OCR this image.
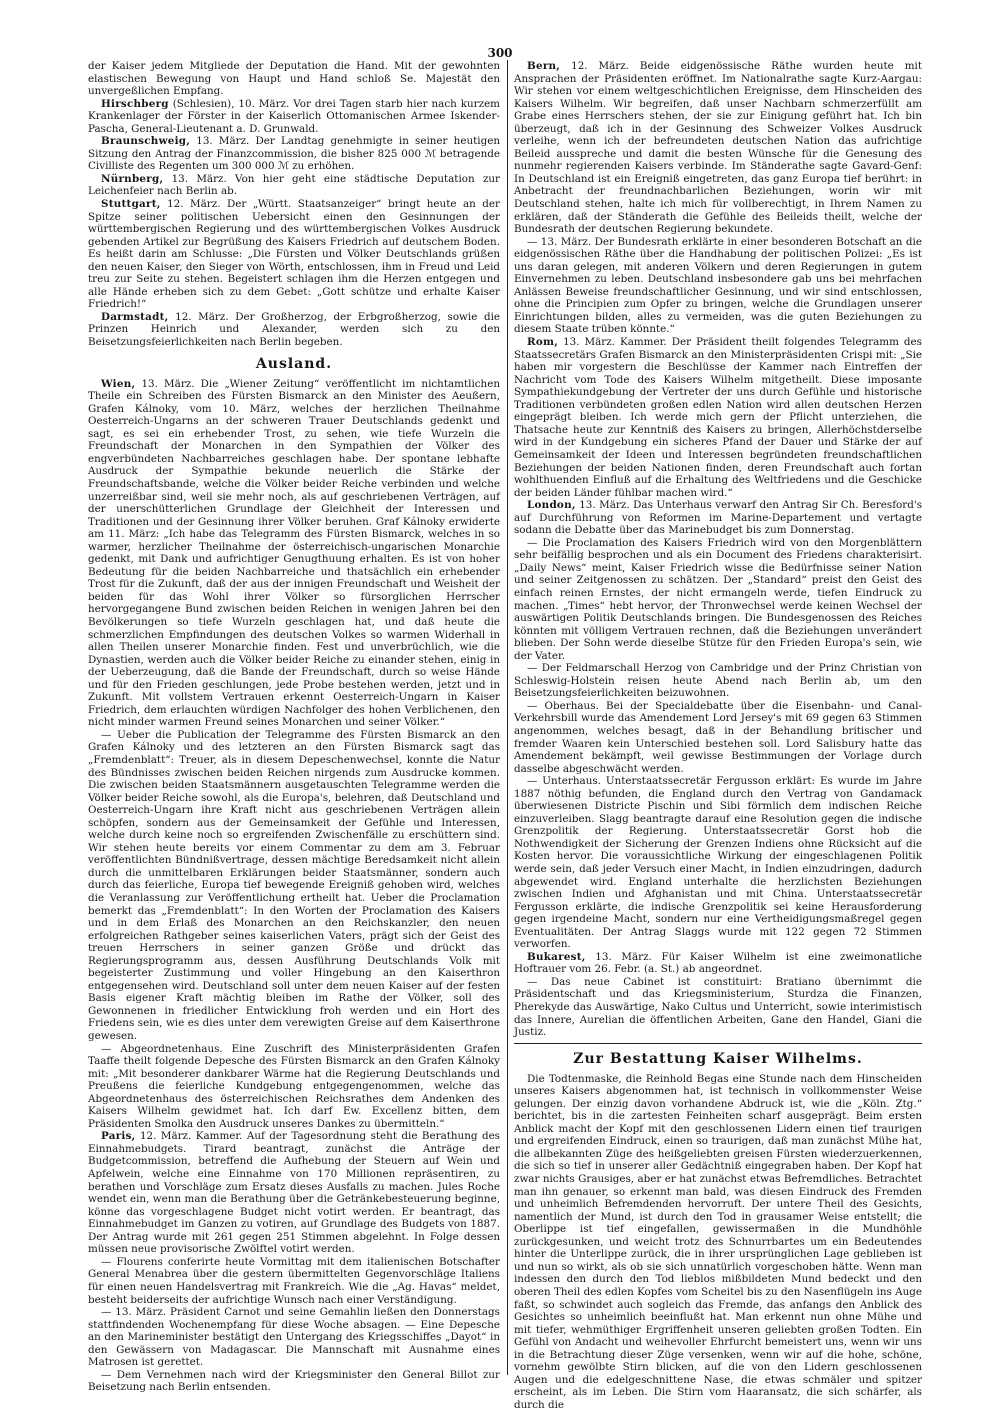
300

der Kaiser jedem Mitgliede der Deputation die Hand. Mit der gewohnten elastischen Bewegung von Haupt und Hand schloß Se. Majestät den unvergeßlichen Empfang.

Hirschberg (Schlesien), 10. März. Vor drei Tagen starb hier nach kurzem Krankenlager der Förster in der Kaiserlich Ottomanischen Armee Iskender-Pascha, General-Lieutenant a. D. Grunwald.

Braunschweig, 13. März. Der Landtag genehmigte in seiner heutigen Sitzung den Antrag der Finanzcommission, die bisher 825 000 ℳ betragende Civilliste des Regenten um 300 000 ℳ zu erhöhen.

Nürnberg, 13. März. Von hier geht eine städtische Deputation zur Leichenfeier nach Berlin ab.

Stuttgart, 12. März. Der „Württ. Staatsanzeiger“ bringt heute an der Spitze seiner politischen Uebersicht einen den Gesinnungen der württembergischen Regierung und des württembergischen Volkes Ausdruck gebenden Artikel zur Begrüßung des Kaisers Friedrich auf deutschem Boden. Es heißt darin am Schlusse: „Die Fürsten und Völker Deutschlands grüßen den neuen Kaiser, den Sieger von Wörth, entschlossen, ihm in Freud und Leid treu zur Seite zu stehen. Begeistert schlagen ihm die Herzen entgegen und alle Hände erheben sich zu dem Gebet: „Gott schütze und erhalte Kaiser Friedrich!“

Darmstadt, 12. März. Der Großherzog, der Erbgroßherzog, sowie die Prinzen Heinrich und Alexander, werden sich zu den Beisetzungsfeierlichkeiten nach Berlin begeben.

Ausland.

Wien, 13. März. Die „Wiener Zeitung“ veröffentlicht im nichtamtlichen Theile ein Schreiben des Fürsten Bismarck an den Minister des Aeußern, Grafen Kálnoky, vom 10. März, welches der herzlichen Theilnahme Oesterreich-Ungarns an der schweren Trauer Deutschlands gedenkt und sagt, es sei ein erhebender Trost, zu sehen, wie tiefe Wurzeln die Freundschaft der Monarchen in den Sympathien der Völker des engverbündeten Nachbarreiches geschlagen habe. Der spontane lebhafte Ausdruck der Sympathie bekunde neuerlich die Stärke der Freundschaftsbande, welche die Völker beider Reiche verbinden und welche unzerreißbar sind, weil sie mehr noch, als auf geschriebenen Verträgen, auf der unerschütterlichen Grundlage der Gleichheit der Interessen und Traditionen und der Gesinnung ihrer Völker beruhen. Graf Kálnoky erwiderte am 11. März: „Ich habe das Telegramm des Fürsten Bismarck, welches in so warmer, herzlicher Theilnahme der österreichisch-ungarischen Monarchie gedenkt, mit Dank und aufrichtiger Genugthuung erhalten. Es ist von hoher Bedeutung für die beiden Nachbarreiche und thatsächlich ein erhebender Trost für die Zukunft, daß der aus der innigen Freundschaft und Weisheit der beiden für das Wohl ihrer Völker so fürsorglichen Herrscher hervorgegangene Bund zwischen beiden Reichen in wenigen Jahren bei den Bevölkerungen so tiefe Wurzeln geschlagen hat, und daß heute die schmerzlichen Empfindungen des deutschen Volkes so warmen Widerhall in allen Theilen unserer Monarchie finden. Fest und unverbrüchlich, wie die Dynastien, werden auch die Völker beider Reiche zu einander stehen, einig in der Ueberzeugung, daß die Bande der Freundschaft, durch so weise Hände und für den Frieden geschlungen, jede Probe bestehen werden, jetzt und in Zukunft. Mit vollstem Vertrauen erkennt Oesterreich-Ungarn in Kaiser Friedrich, dem erlauchten würdigen Nachfolger des hohen Verblichenen, den nicht minder warmen Freund seines Monarchen und seiner Völker.“

— Ueber die Publication der Telegramme des Fürsten Bismarck an den Grafen Kálnoky und des letzteren an den Fürsten Bismarck sagt das „Fremdenblatt“: Treuer, als in diesem Depeschenwechsel, konnte die Natur des Bündnisses zwischen beiden Reichen nirgends zum Ausdrucke kommen. Die zwischen beiden Staatsmännern ausgetauschten Telegramme werden die Völker beider Reiche sowohl, als die Europa's, belehren, daß Deutschland und Oesterreich-Ungarn ihre Kraft nicht aus geschriebenen Verträgen allein schöpfen, sondern aus der Gemeinsamkeit der Gefühle und Interessen, welche durch keine noch so ergreifenden Zwischenfälle zu erschüttern sind. Wir stehen heute bereits vor einem Commentar zu dem am 3. Februar veröffentlichten Bündnißvertrage, dessen mächtige Beredsamkeit nicht allein durch die unmittelbaren Erklärungen beider Staatsmänner, sondern auch durch das feierliche, Europa tief bewegende Ereigniß gehoben wird, welches die Veranlassung zur Veröffentlichung ertheilt hat. Ueber die Proclamation bemerkt das „Fremdenblatt“: In den Worten der Proclamation des Kaisers und in dem Erlaß des Monarchen an den Reichskanzler, den neuen erfolgreichen Rathgeber seines kaiserlichen Vaters, prägt sich der Geist des treuen Herrschers in seiner ganzen Größe und drückt das Regierungsprogramm aus, dessen Ausführung Deutschlands Volk mit begeisterter Zustimmung und voller Hingebung an den Kaiserthron entgegensehen wird. Deutschland soll unter dem neuen Kaiser auf der festen Basis eigener Kraft mächtig bleiben im Rathe der Völker, soll des Gewonnenen in friedlicher Entwicklung froh werden und ein Hort des Friedens sein, wie es dies unter dem verewigten Greise auf dem Kaiserthrone gewesen.

— Abgeordnetenhaus. Eine Zuschrift des Ministerpräsidenten Grafen Taaffe theilt folgende Depesche des Fürsten Bismarck an den Grafen Kálnoky mit: „Mit besonderer dankbarer Wärme hat die Regierung Deutschlands und Preußens die feierliche Kundgebung entgegengenommen, welche das Abgeordnetenhaus des österreichischen Reichsrathes dem Andenken des Kaisers Wilhelm gewidmet hat. Ich darf Ew. Excellenz bitten, dem Präsidenten Smolka den Ausdruck unseres Dankes zu übermitteln.“

Paris, 12. März. Kammer. Auf der Tagesordnung steht die Berathung des Einnahmebudgets. Tirard beantragt, zunächst die Anträge der Budgetcommission, betreffend die Aufhebung der Steuern auf Wein und Apfelwein, welche eine Einnahme von 170 Millionen repräsentiren, zu berathen und Vorschläge zum Ersatz dieses Ausfalls zu machen. Jules Roche wendet ein, wenn man die Berathung über die Getränkebesteuerung beginne, könne das vorgeschlagene Budget nicht votirt werden. Er beantragt, das Einnahmebudget im Ganzen zu votiren, auf Grundlage des Budgets von 1887. Der Antrag wurde mit 261 gegen 251 Stimmen abgelehnt. In Folge dessen müssen neue provisorische Zwölftel votirt werden.

— Flourens conferirte heute Vormittag mit dem italienischen Botschafter General Menabrea über die gestern übermittelten Gegenvorschläge Italiens für einen neuen Handelsvertrag mit Frankreich. Wie die „Ag. Havas“ meldet, besteht beiderseits der aufrichtige Wunsch nach einer Verständigung.

— 13. März. Präsident Carnot und seine Gemahlin ließen den Donnerstags stattfindenden Wochenempfang für diese Woche absagen. — Eine Depesche an den Marineminister bestätigt den Untergang des Kriegsschiffes „Dayot“ in den Gewässern von Madagascar. Die Mannschaft mit Ausnahme eines Matrosen ist gerettet.

— Dem Vernehmen nach wird der Kriegsminister den General Billot zur Beisetzung nach Berlin entsenden.

Bern, 12. März. Beide eidgenössische Räthe wurden heute mit Ansprachen der Präsidenten eröffnet. Im Nationalrathe sagte Kurz-Aargau: Wir stehen vor einem weltgeschichtlichen Ereignisse, dem Hinscheiden des Kaisers Wilhelm. Wir begreifen, daß unser Nachbarn schmerzerfüllt am Grabe eines Herrschers stehen, der sie zur Einigung geführt hat. Ich bin überzeugt, daß ich in der Gesinnung des Schweizer Volkes Ausdruck verleihe, wenn ich der befreundeten deutschen Nation das aufrichtige Beileid ausspreche und damit die besten Wünsche für die Genesung des nunmehr regierenden Kaisers verbinde. Im Ständerathe sagte Gavard-Genf: In Deutschland ist ein Ereigniß eingetreten, das ganz Europa tief berührt: in Anbetracht der freundnachbarlichen Beziehungen, worin wir mit Deutschland stehen, halte ich mich für vollberechtigt, in Ihrem Namen zu erklären, daß der Ständerath die Gefühle des Beileids theilt, welche der Bundesrath der deutschen Regierung bekundete.

— 13. März. Der Bundesrath erklärte in einer besonderen Botschaft an die eidgenössischen Räthe über die Handhabung der politischen Polizei: „Es ist uns daran gelegen, mit anderen Völkern und deren Regierungen in gutem Einvernehmen zu leben. Deutschland insbesondere gab uns bei mehrfachen Anlässen Beweise freundschaftlicher Gesinnung, und wir sind entschlossen, ohne die Principien zum Opfer zu bringen, welche die Grundlagen unserer Einrichtungen bilden, alles zu vermeiden, was die guten Beziehungen zu diesem Staate trüben könnte.“

Rom, 13. März. Kammer. Der Präsident theilt folgendes Telegramm des Staatssecretärs Grafen Bismarck an den Ministerpräsidenten Crispi mit: „Sie haben mir vorgestern die Beschlüsse der Kammer nach Eintreffen der Nachricht vom Tode des Kaisers Wilhelm mitgetheilt. Diese imposante Sympathiekundgebung der Vertreter der uns durch Gefühle und historische Traditionen verbündeten großen edlen Nation wird allen deutschen Herzen eingeprägt bleiben. Ich werde mich gern der Pflicht unterziehen, die Thatsache heute zur Kenntniß des Kaisers zu bringen, Allerhöchstderselbe wird in der Kundgebung ein sicheres Pfand der Dauer und Stärke der auf Gemeinsamkeit der Ideen und Interessen begründeten freundschaftlichen Beziehungen der beiden Nationen finden, deren Freundschaft auch fortan wohlthuenden Einfluß auf die Erhaltung des Weltfriedens und die Geschicke der beiden Länder fühlbar machen wird.“

London, 13. März. Das Unterhaus verwarf den Antrag Sir Ch. Beresford's auf Durchführung von Reformen im Marine-Departement und vertagte sodann die Debatte über das Marinebudget bis zum Donnerstag.

— Die Proclamation des Kaisers Friedrich wird von den Morgenblättern sehr beifällig besprochen und als ein Document des Friedens charakterisirt. „Daily News“ meint, Kaiser Friedrich wisse die Bedürfnisse seiner Nation und seiner Zeitgenossen zu schätzen. Der „Standard“ preist den Geist des einfach reinen Ernstes, der nicht ermangeln werde, tiefen Eindruck zu machen. „Times“ hebt hervor, der Thronwechsel werde keinen Wechsel der auswärtigen Politik Deutschlands bringen. Die Bundesgenossen des Reiches könnten mit völligem Vertrauen rechnen, daß die Beziehungen unverändert blieben. Der Sohn werde dieselbe Stütze für den Frieden Europa's sein, wie der Vater.

— Der Feldmarschall Herzog von Cambridge und der Prinz Christian von Schleswig-Holstein reisen heute Abend nach Berlin ab, um den Beisetzungsfeierlichkeiten beizuwohnen.

— Oberhaus. Bei der Specialdebatte über die Eisenbahn- und Canal-Verkehrsbill wurde das Amendement Lord Jersey's mit 69 gegen 63 Stimmen angenommen, welches besagt, daß in der Behandlung britischer und fremder Waaren kein Unterschied bestehen soll. Lord Salisbury hatte das Amendement bekämpft, weil gewisse Bestimmungen der Vorlage durch dasselbe abgeschwächt werden.

— Unterhaus. Unterstaatssecretär Fergusson erklärt: Es wurde im Jahre 1887 nöthig befunden, die England durch den Vertrag von Gandamack überwiesenen Districte Pischin und Sibi förmlich dem indischen Reiche einzuverleiben. Slagg beantragte darauf eine Resolution gegen die indische Grenzpolitik der Regierung. Unterstaatssecretär Gorst hob die Nothwendigkeit der Sicherung der Grenzen Indiens ohne Rücksicht auf die Kosten hervor. Die voraussichtliche Wirkung der eingeschlagenen Politik werde sein, daß jeder Versuch einer Macht, in Indien einzudringen, dadurch abgewendet wird. England unterhalte die herzlichsten Beziehungen zwischen Indien und Afghanistan und mit China. Unterstaatssecretär Fergusson erklärte, die indische Grenzpolitik sei keine Herausforderung gegen irgendeine Macht, sondern nur eine Vertheidigungsmaßregel gegen Eventualitäten. Der Antrag Slaggs wurde mit 122 gegen 72 Stimmen verworfen.

Bukarest, 13. März. Für Kaiser Wilhelm ist eine zweimonatliche Hoftrauer vom 26. Febr. (a. St.) ab angeordnet.

— Das neue Cabinet ist constituirt: Bratiano übernimmt die Präsidentschaft und das Kriegsministerium, Sturdza die Finanzen, Pherekyde das Auswärtige, Nako Cultus und Unterricht, sowie interimistisch das Innere, Aurelian die öffentlichen Arbeiten, Gane den Handel, Giani die Justiz.

Zur Bestattung Kaiser Wilhelms.

Die Todtenmaske, die Reinhold Begas eine Stunde nach dem Hinscheiden unseres Kaisers abgenommen hat, ist technisch in vollkommenster Weise gelungen. Der einzig davon vorhandene Abdruck ist, wie die „Köln. Ztg.“ berichtet, bis in die zartesten Feinheiten scharf ausgeprägt. Beim ersten Anblick macht der Kopf mit den geschlossenen Lidern einen tief traurigen und ergreifenden Eindruck, einen so traurigen, daß man zunächst Mühe hat, die allbekannten Züge des heißgeliebten greisen Fürsten wiederzuerkennen, die sich so tief in unserer aller Gedächtniß eingegraben haben. Der Kopf hat zwar nichts Grausiges, aber er hat zunächst etwas Befremdliches. Betrachtet man ihn genauer, so erkennt man bald, was diesen Eindruck des Fremden und unheimlich Befremdenden hervorruft. Der untere Theil des Gesichts, namentlich der Mund, ist durch den Tod in grausamer Weise entstellt; die Oberlippe ist tief eingefallen, gewissermaßen in die Mundhöhle zurückgesunken, und weicht trotz des Schnurrbartes um ein Bedeutendes hinter die Unterlippe zurück, die in ihrer ursprünglichen Lage geblieben ist und nun so wirkt, als ob sie sich unnatürlich vorgeschoben hätte. Wenn man indessen den durch den Tod lieblos mißbildeten Mund bedeckt und den oberen Theil des edlen Kopfes vom Scheitel bis zu den Nasenflügeln ins Auge faßt, so schwindet auch sogleich das Fremde, das anfangs den Anblick des Gesichtes so unheimlich beeinflußt hat. Man erkennt nun ohne Mühe und mit tiefer, wehmüthiger Ergriffenheit unseren geliebten großen Todten. Ein Gefühl von Andacht und weihevoller Ehrfurcht bemeistert uns, wenn wir uns in die Betrachtung dieser Züge versenken, wenn wir auf die hohe, schöne, vornehm gewölbte Stirn blicken, auf die von den Lidern geschlossenen Augen und die edelgeschnittene Nase, die etwas schmäler und spitzer erscheint, als im Leben. Die Stirn vom Haaransatz, die sich schärfer, als durch die
